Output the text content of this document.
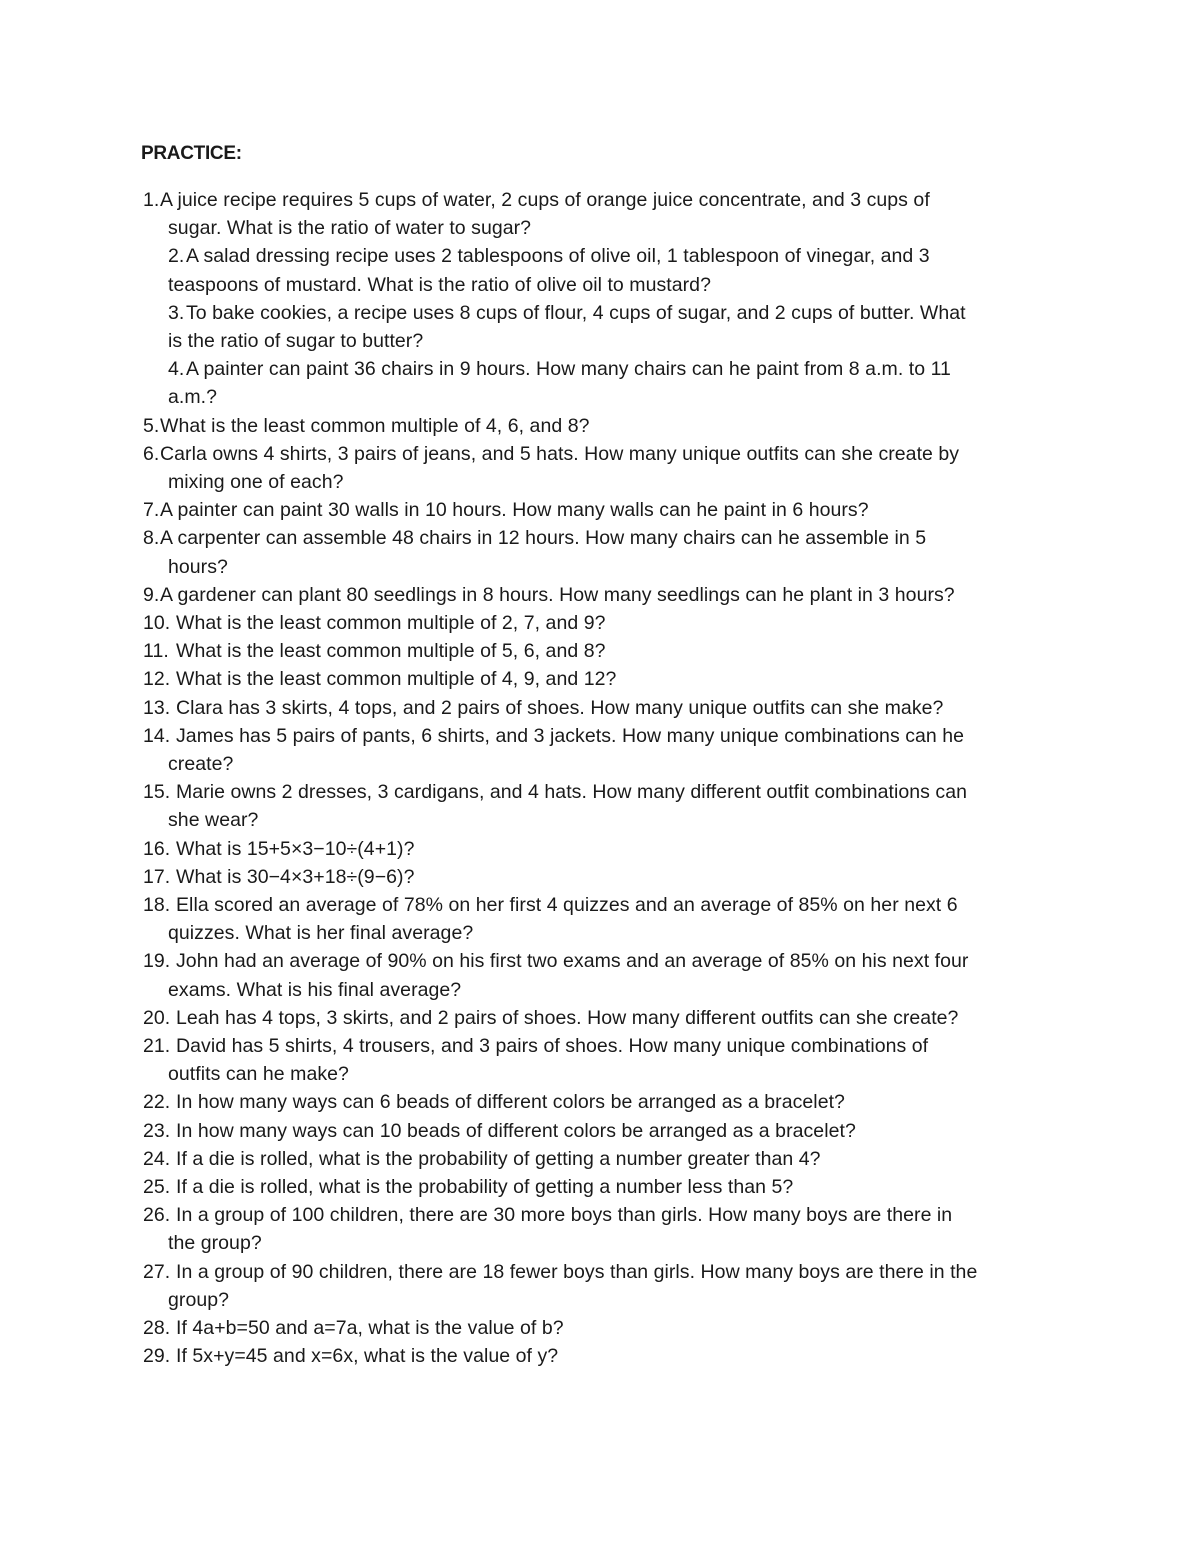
PRACTICE:
1. A juice recipe requires 5 cups of water, 2 cups of orange juice concentrate, and 3 cups of
sugar. What is the ratio of water to sugar?
2. A salad dressing recipe uses 2 tablespoons of olive oil, 1 tablespoon of vinegar, and 3
teaspoons of mustard. What is the ratio of olive oil to mustard?
3. To bake cookies, a recipe uses 8 cups of flour, 4 cups of sugar, and 2 cups of butter. What
is the ratio of sugar to butter?
4. A painter can paint 36 chairs in 9 hours. How many chairs can he paint from 8 a.m. to 11
a.m.?
5. What is the least common multiple of 4, 6, and 8?
6. Carla owns 4 shirts, 3 pairs of jeans, and 5 hats. How many unique outfits can she create by
mixing one of each?
7. A painter can paint 30 walls in 10 hours. How many walls can he paint in 6 hours?
8. A carpenter can assemble 48 chairs in 12 hours. How many chairs can he assemble in 5
hours?
9. A gardener can plant 80 seedlings in 8 hours. How many seedlings can he plant in 3 hours?
10. What is the least common multiple of 2, 7, and 9?
11. What is the least common multiple of 5, 6, and 8?
12. What is the least common multiple of 4, 9, and 12?
13. Clara has 3 skirts, 4 tops, and 2 pairs of shoes. How many unique outfits can she make?
14. James has 5 pairs of pants, 6 shirts, and 3 jackets. How many unique combinations can he
create?
15. Marie owns 2 dresses, 3 cardigans, and 4 hats. How many different outfit combinations can
she wear?
16. What is 15+5×3−10÷(4+1)?
17. What is 30−4×3+18÷(9−6)?
18. Ella scored an average of 78% on her first 4 quizzes and an average of 85% on her next 6
quizzes. What is her final average?
19. John had an average of 90% on his first two exams and an average of 85% on his next four
exams. What is his final average?
20. Leah has 4 tops, 3 skirts, and 2 pairs of shoes. How many different outfits can she create?
21. David has 5 shirts, 4 trousers, and 3 pairs of shoes. How many unique combinations of
outfits can he make?
22. In how many ways can 6 beads of different colors be arranged as a bracelet?
23. In how many ways can 10 beads of different colors be arranged as a bracelet?
24. If a die is rolled, what is the probability of getting a number greater than 4?
25. If a die is rolled, what is the probability of getting a number less than 5?
26. In a group of 100 children, there are 30 more boys than girls. How many boys are there in
the group?
27. In a group of 90 children, there are 18 fewer boys than girls. How many boys are there in the
group?
28. If 4a+b=50 and a=7a, what is the value of b?
29. If 5x+y=45 and x=6x, what is the value of y?
